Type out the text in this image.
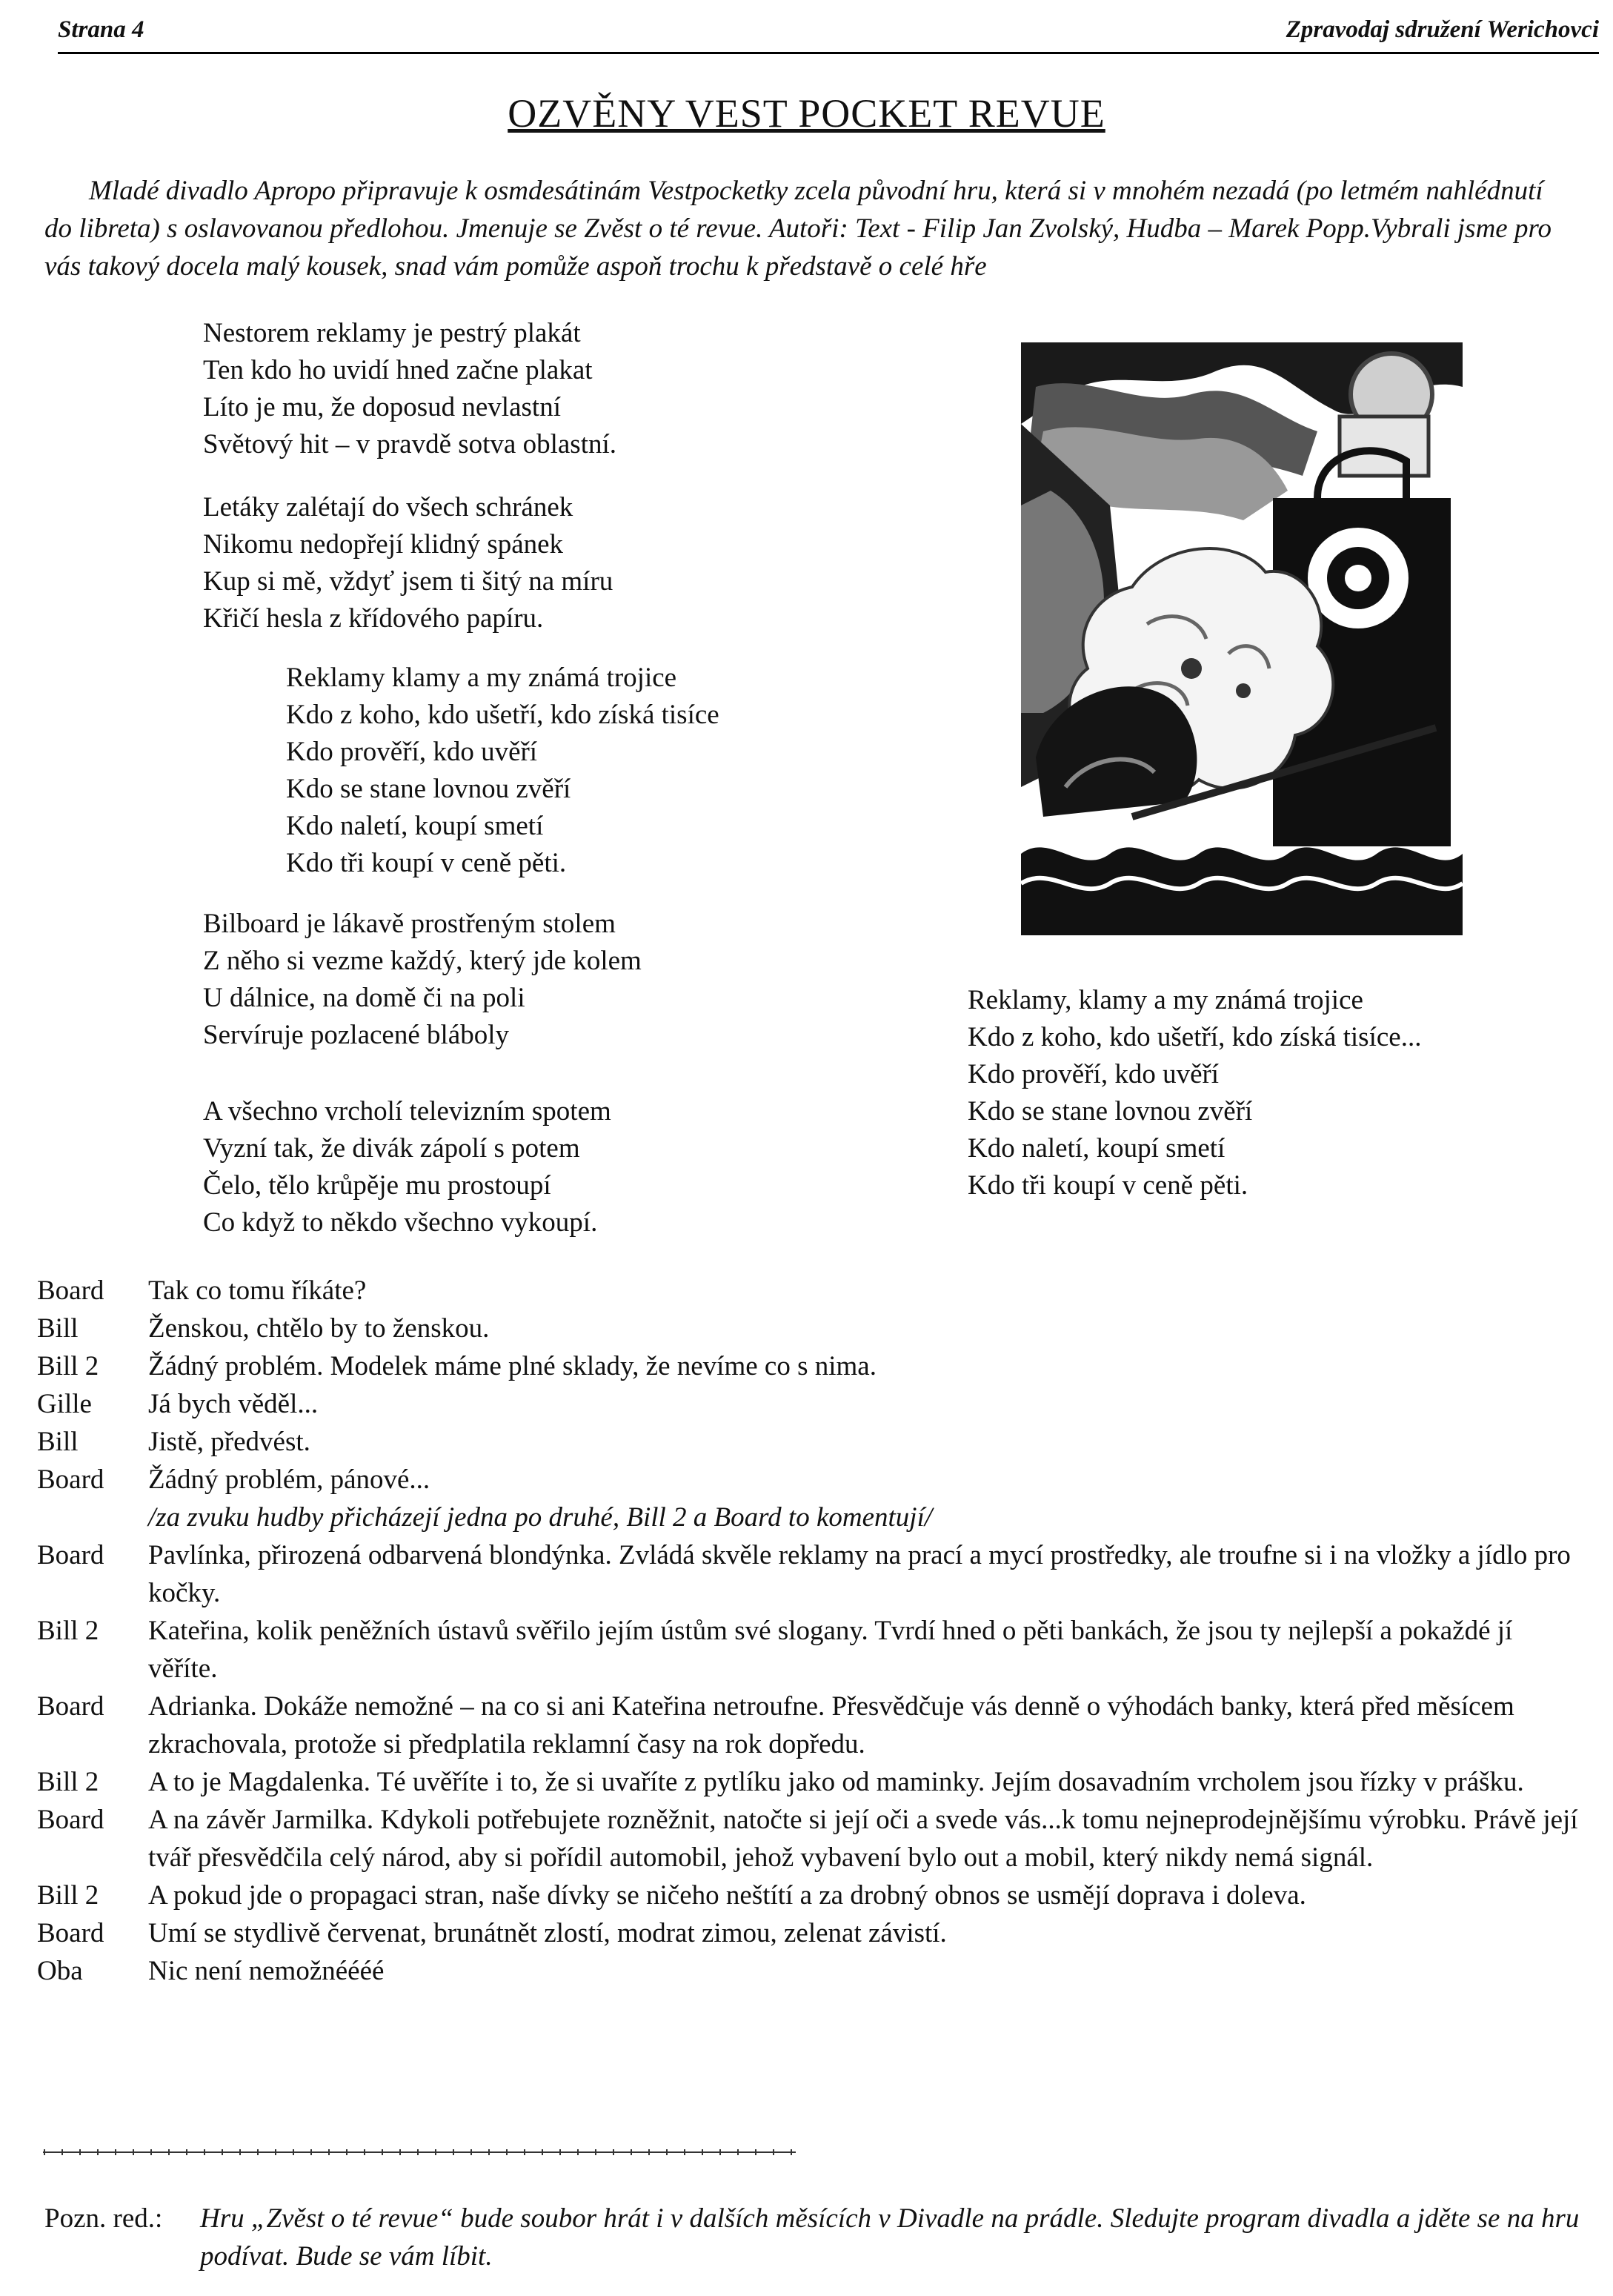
Strana 4	Zpravodaj sdružení Werichovci
OZVĚNY VEST POCKET REVUE

Mladé divadlo Apropo připravuje k osmdesátinám Vestpocketky zcela původní hru, která si v mnohém nezadá (po letmém nahlédnutí do libreta) s oslavovanou předlohou. Jmenuje se Zvěst o té revue. Autoři: Text - Filip Jan Zvolský, Hudba – Marek Popp.Vybrali jsme pro vás takový docela malý kousek, snad vám pomůže aspoň trochu k představě o celé hře

Nestorem reklamy je pestrý plakát
Ten kdo ho uvidí hned začne plakat
Líto je mu, že doposud nevlastní
Světový hit – v pravdě sotva oblastní.
Letáky zalétají do všech schránek
Nikomu nedopřejí klidný spánek
Kup si mě, vždyť jsem ti šitý na míru
Křičí hesla z křídového papíru.
Reklamy klamy a my známá trojice
Kdo z koho, kdo ušetří, kdo získá tisíce
Kdo prověří, kdo uvěří
Kdo se stane lovnou zvěří
Kdo naletí, koupí smetí
Kdo tři koupí v ceně pěti.
Bilboard je lákavě prostřeným stolem
Z něho si vezme každý, který jde kolem
U dálnice, na domě či na poli
Servíruje pozlacené bláboly
A všechno vrcholí televizním spotem
Vyzní tak, že divák zápolí s potem
Čelo, tělo krůpěje mu prostoupí
Co když to někdo všechno vykoupí.
Reklamy, klamy a my známá trojice
Kdo z koho, kdo ušetří, kdo získá tisíce...
Kdo prověří, kdo uvěří
Kdo se stane lovnou zvěří
Kdo naletí, koupí smetí
Kdo tři koupí v ceně pěti.
Board	Tak co tomu říkáte?
Bill	Ženskou, chtělo by to ženskou.
Bill 2	Žádný problém. Modelek máme plné sklady, že nevíme co s nima.
Gille	Já bych věděl...
Bill	Jistě, předvést.
Board	Žádný problém, pánové...
/za zvuku hudby přicházejí jedna po druhé, Bill 2 a Board to komentují/
Board	Pavlínka, přirozená odbarvená blondýnka. Zvládá skvěle reklamy na prací a mycí prostředky, ale troufne si i na vložky a jídlo pro kočky.
Bill 2	Kateřina, kolik peněžních ústavů svěřilo jejím ústům své slogany. Tvrdí hned o pěti bankách, že jsou ty nejlepší a pokaždé jí věříte.
Board	Adrianka. Dokáže nemožné – na co si ani Kateřina netroufne. Přesvědčuje vás denně o výhodách banky, která před měsícem zkrachovala, protože si předplatila reklamní časy na rok dopředu.
Bill 2	A to je Magdalenka. Té uvěříte i to, že si uvaříte z pytlíku jako od maminky. Jejím dosavadním vrcholem jsou řízky v prášku.
Board	A na závěr Jarmilka. Kdykoli potřebujete rozněžnit, natočte si její oči a svede vás...k tomu nejneprodejnějšímu výrobku. Právě její tvář přesvědčila celý národ, aby si pořídil automobil, jehož vybavení bylo out a mobil, který nikdy nemá signál.
Bill 2	A pokud jde o propagaci stran, naše dívky se ničeho neštítí a za drobný obnos se usmějí doprava i doleva.
Board	Umí se stydlivě červenat, brunátnět zlostí, modrat zimou, zelenat závistí.
Oba	Nic není nemožnéééé
Pozn. red.:	Hru „Zvěst o té revue“ bude soubor hrát i v dalších měsících v Divadle na prádle. Sledujte program divadla a jděte se na hru podívat. Bude se vám líbit.
